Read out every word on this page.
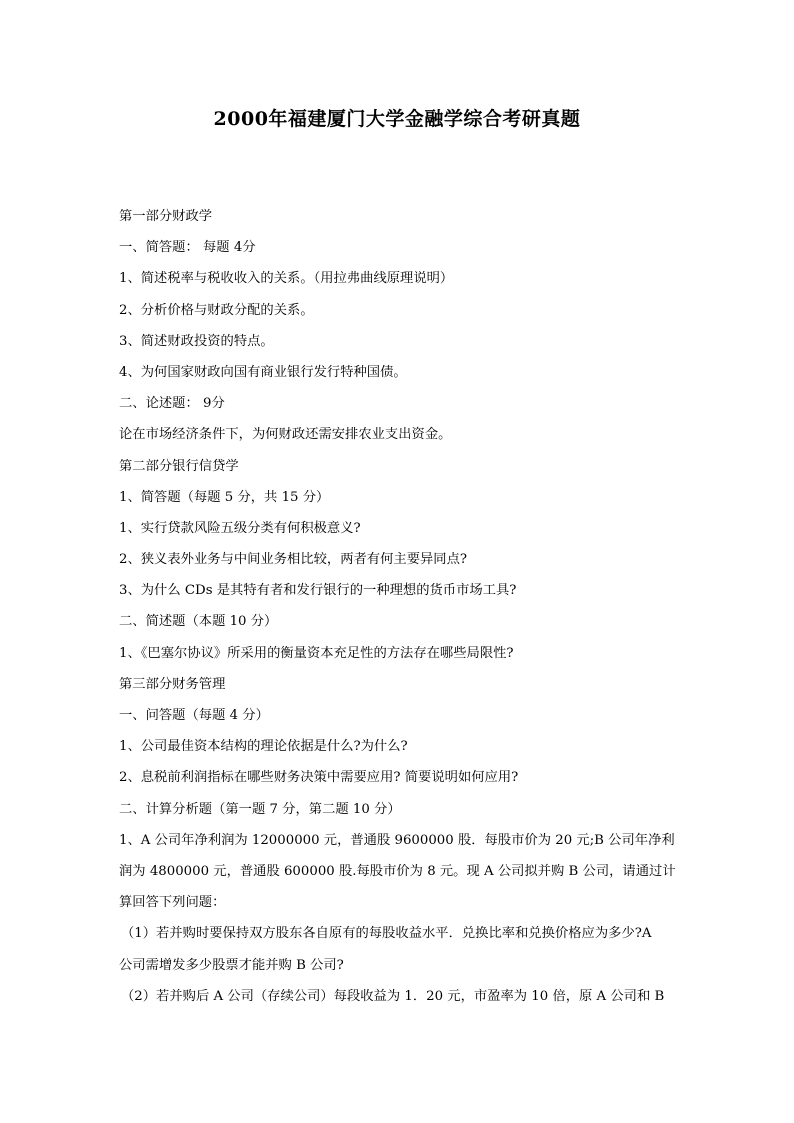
2000年福建厦门大学金融学综合考研真题
第一部分财政学
一、简答题： 每题 4分
1、简述税率与税收收入的关系。（用拉弗曲线原理说明）
2、分析价格与财政分配的关系。
3、简述财政投资的特点。
4、为何国家财政向国有商业银行发行特种国债。
二、论述题： 9分
论在市场经济条件下，为何财政还需安排农业支出资金。
第二部分银行信贷学
1、简答题（每题 5 分，共 15 分）
1、实行贷款风险五级分类有何积极意义?
2、狭义表外业务与中间业务相比较，两者有何主要异同点?
3、为什么 CDs 是其特有者和发行银行的一种理想的货币市场工具?
二、简述题（本题 10 分）
1、《巴塞尔协议》所采用的衡量资本充足性的方法存在哪些局限性?
第三部分财务管理
一、问答题（每题 4 分）
1、公司最佳资本结构的理论依据是什么?为什么?
2、息税前利润指标在哪些财务决策中需要应用? 简要说明如何应用?
二、计算分析题（第一题 7 分，第二题 10 分）
1、A 公司年净利润为 12000000 元，普通股 9600000 股．每股市价为 20 元;B 公司年净利
润为 4800000 元，普通股 600000 股.每股市价为 8 元。现 A 公司拟并购 B 公司，请通过计
算回答下列问题：
（1）若并购时要保持双方股东各自原有的每股收益水平．兑换比率和兑换价格应为多少?A
公司需增发多少股票才能并购 B 公司?
（2）若并购后 A 公司（存续公司）每段收益为 1．20 元，市盈率为 10 倍，原 A 公司和 B
